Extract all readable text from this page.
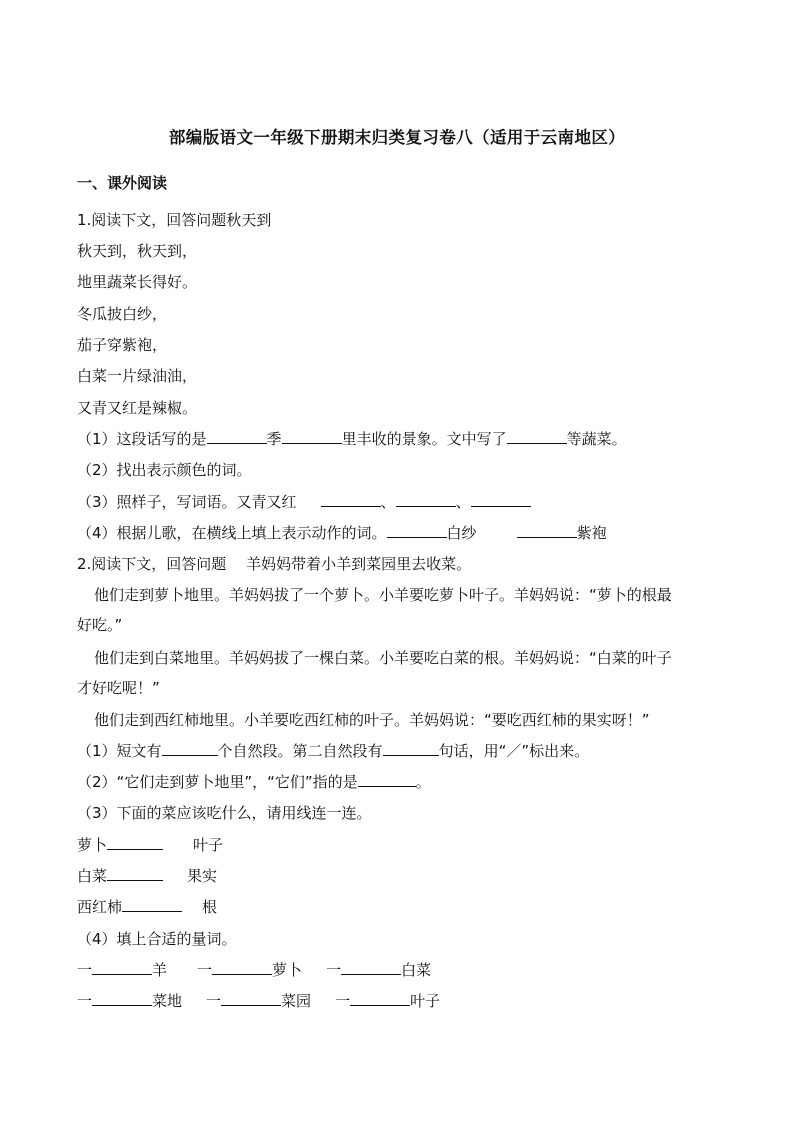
部编版语文一年级下册期末归类复习卷八（适用于云南地区）
一、课外阅读
1.阅读下文，回答问题秋天到
秋天到，秋天到，
地里蔬菜长得好。
冬瓜披白纱，
茄子穿紫袍，
白菜一片绿油油，
又青又红是辣椒。
（1）这段话写的是	季	里丰收的景象。文中写了	等蔬菜。
（2）找出表示颜色的词。
（3）照样子，写词语。又青又红	、	、
（4）根据儿歌，在横线上填上表示动作的词。	白纱	紫袍
2.阅读下文，回答问题　 羊妈妈带着小羊到菜园里去收菜。
他们走到萝卜地里。羊妈妈拔了一个萝卜。小羊要吃萝卜叶子。羊妈妈说：“萝卜的根最
好吃。”
他们走到白菜地里。羊妈妈拔了一棵白菜。小羊要吃白菜的根。羊妈妈说：“白菜的叶子
才好吃呢！”
他们走到西红柿地里。小羊要吃西红柿的叶子。羊妈妈说：“要吃西红柿的果实呀！”
（1）短文有	个自然段。第二自然段有	句话，用“／”标出来。
（2）“它们走到萝卜地里”，“它们”指的是	。
（3）下面的菜应该吃什么，请用线连一连。
萝卜	叶子
白菜	果实
西红柿	根
（4）填上合适的量词。
一	羊 一	萝卜 一	白菜
一	菜地 一	菜园 一	叶子
